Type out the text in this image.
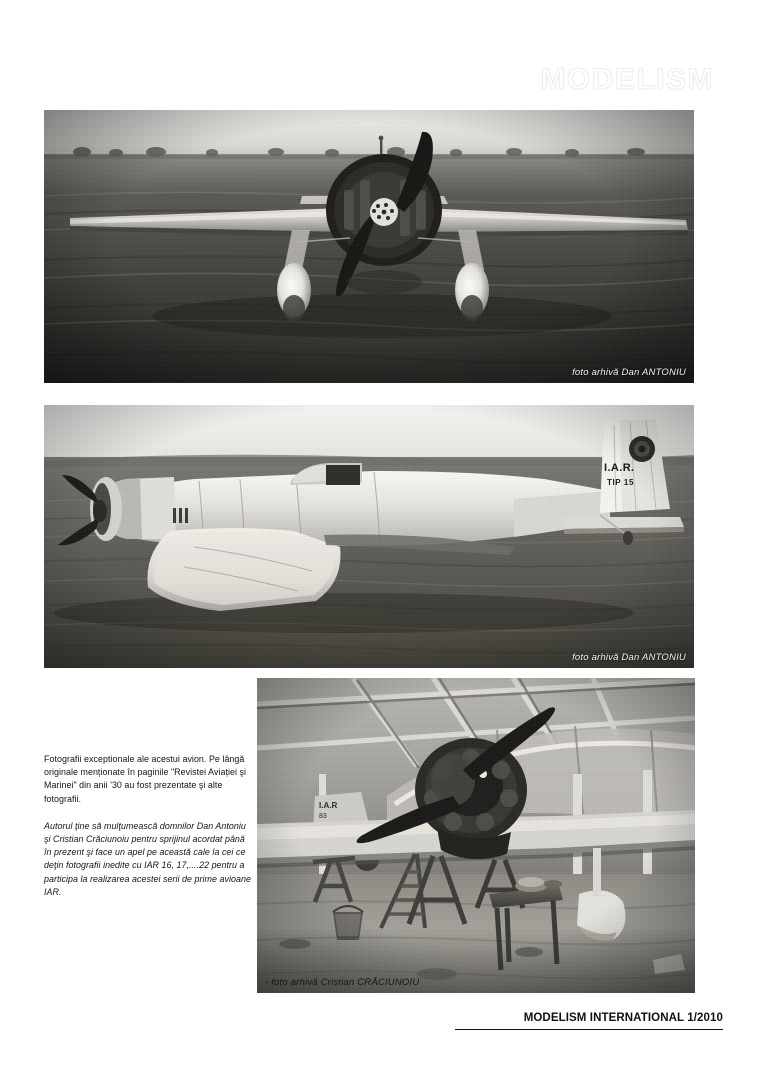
MODELISM
foto arhivă Dan ANTONIU
foto arhivă Dan ANTONIU
I.A.R.
TIP 15
- foto arhivă Cristian CRĂCIUNOIU

Fotografii exceptionale ale acestui avion. Pe lângă originale menționate în paginile "Revistei Aviației şi Marinei" din anii '30 au fost prezentate şi alte fotografii.

Autorul ţine să mulţumească domnilor Dan Antoniu şi Cristian Crăciunoiu pentru sprijinul acordat până în prezent şi face un apel pe această cale la cei ce deţin fotografii inedite cu IAR 16, 17,....22 pentru a participa la realizarea acestei serii de prime avioane IAR.

MODELISM INTERNATIONAL 1/2010
